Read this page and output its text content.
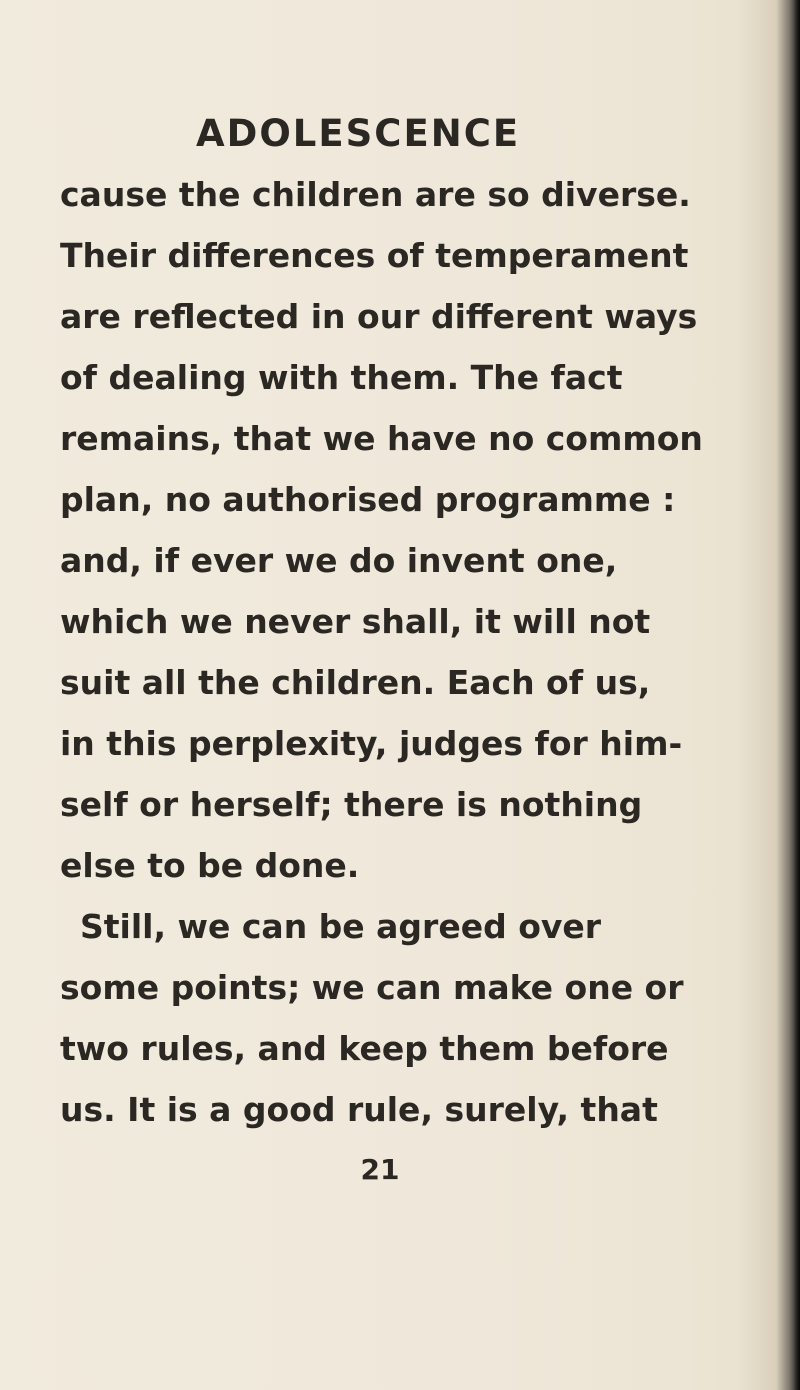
ADOLESCENCE
cause the children are so diverse.
Their differences of temperament
are reflected in our different ways
of dealing with them. The fact
remains, that we have no common
plan, no authorised programme :
and, if ever we do invent one,
which we never shall, it will not
suit all the children. Each of us,
in this perplexity, judges for him-
self or herself; there is nothing
else to be done.
Still, we can be agreed over
some points; we can make one or
two rules, and keep them before
us. It is a good rule, surely, that
21
